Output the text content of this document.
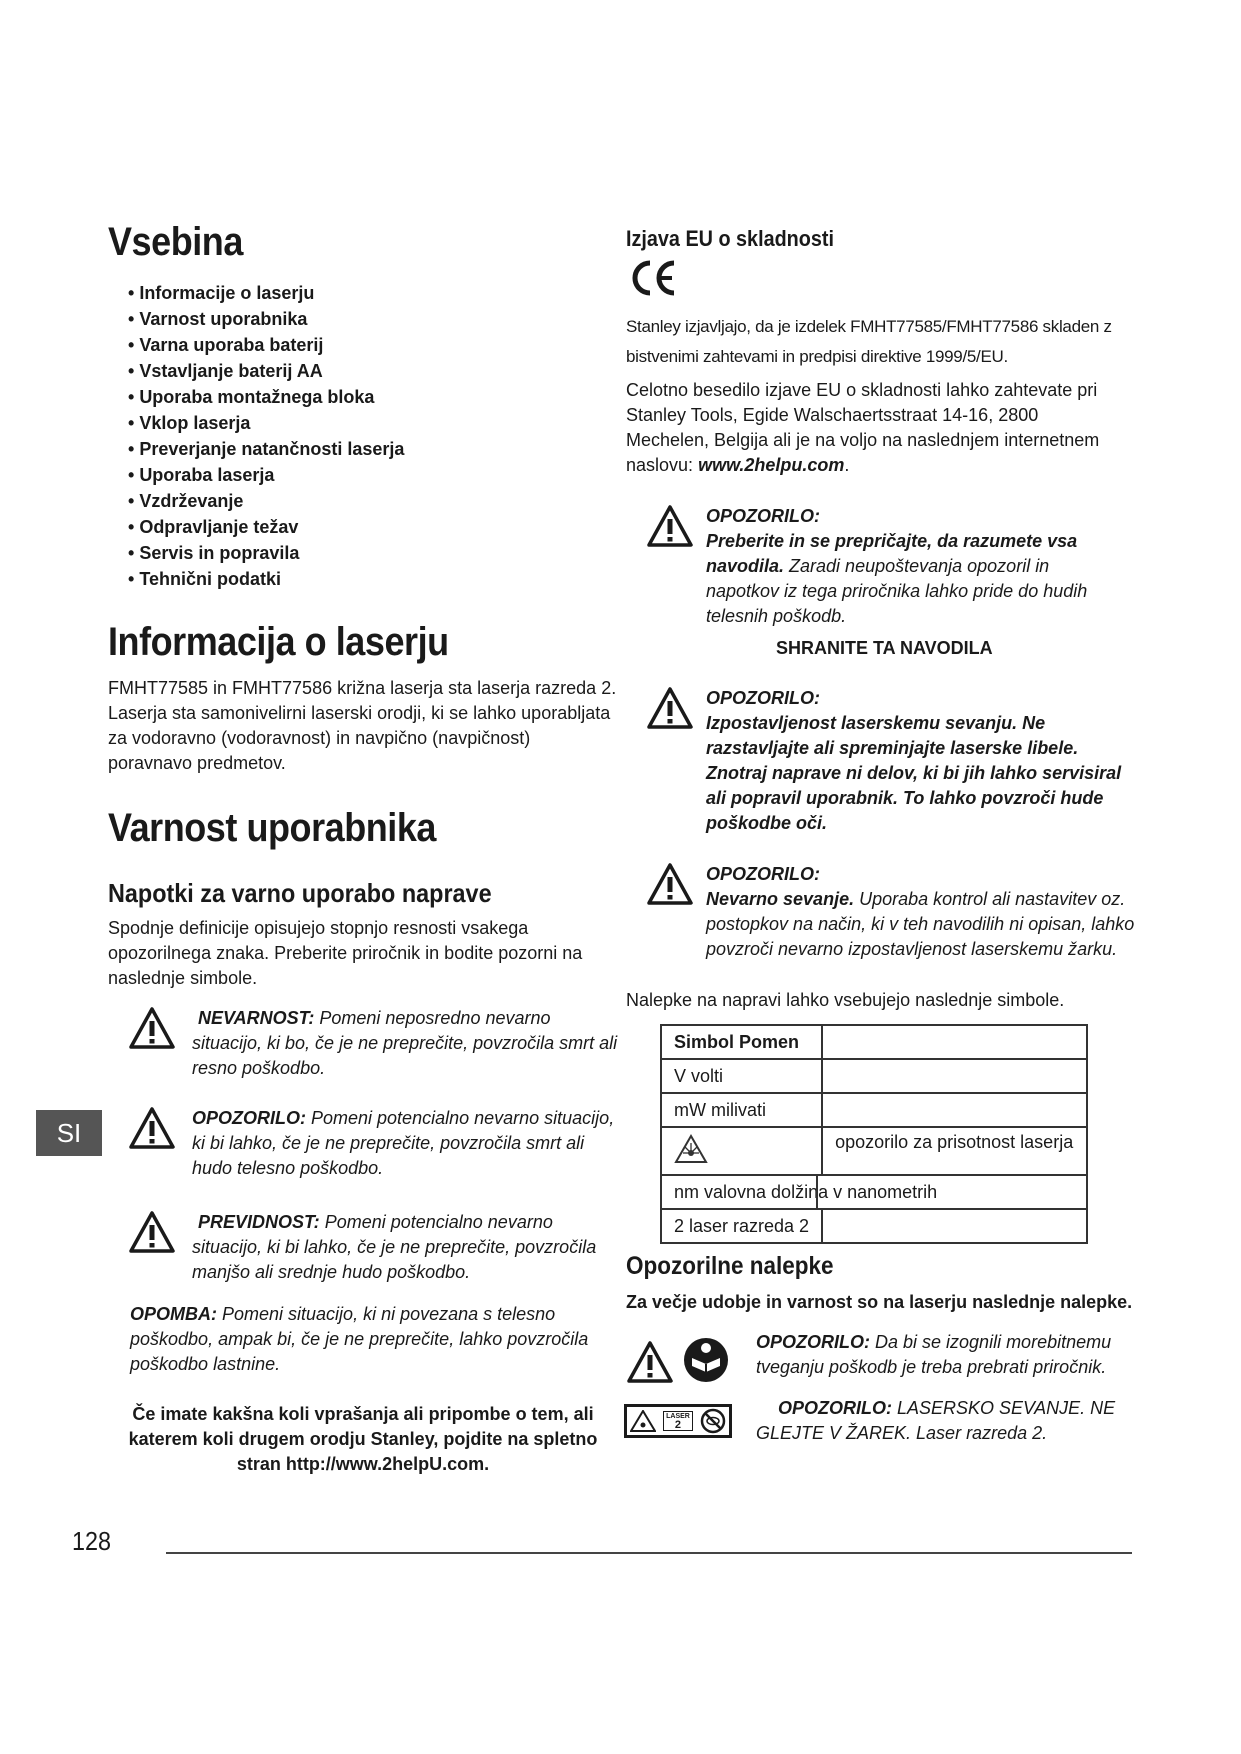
Vsebina
• Informacije o laserju
• Varnost uporabnika
• Varna uporaba baterij
• Vstavljanje baterij AA
• Uporaba montažnega bloka
• Vklop laserja
• Preverjanje natančnosti laserja
• Uporaba laserja
• Vzdrževanje
• Odpravljanje težav
• Servis in popravila
• Tehnični podatki
Informacija o laserju
FMHT77585 in FMHT77586 križna laserja sta laserja razreda 2. Laserja sta samonivelirni laserski orodji, ki se lahko uporabljata za vodoravno (vodoravnost) in navpično (navpičnost) poravnavo predmetov.
Varnost uporabnika
Napotki za varno uporabo naprave
Spodnje definicije opisujejo stopnjo resnosti vsakega opozorilnega znaka. Preberite priročnik in bodite pozorni na naslednje simbole.
NEVARNOST: Pomeni neposredno nevarno situacijo, ki bo, če je ne preprečite, povzročila smrt ali resno poškodbo.
OPOZORILO: Pomeni potencialno nevarno situacijo, ki bi lahko, če je ne preprečite, povzročila smrt ali hudo telesno poškodbo.
PREVIDNOST: Pomeni potencialno nevarno situacijo, ki bi lahko, če je ne preprečite, povzročila manjšo ali srednje hudo poškodbo.
OPOMBA: Pomeni situacijo, ki ni povezana s telesno poškodbo, ampak bi, če je ne preprečite, lahko povzročila poškodbo lastnine.
Če imate kakšna koli vprašanja ali pripombe o tem, ali katerem koli drugem orodju Stanley, pojdite na spletno stran http://www.2helpU.com.
SI
Izjava EU o skladnosti
Stanley izjavljajo, da je izdelek FMHT77585/FMHT77586 skladen z bistvenimi zahtevami in predpisi direktive 1999/5/EU.
Celotno besedilo izjave EU o skladnosti lahko zahtevate pri Stanley Tools, Egide Walschaertsstraat 14-16, 2800 Mechelen, Belgija ali je na voljo na naslednjem internetnem naslovu: www.2helpu.com.
OPOZORILO:
Preberite in se prepričajte, da razumete vsa navodila. Zaradi neupoštevanja opozoril in napotkov iz tega priročnika lahko pride do hudih telesnih poškodb.
SHRANITE TA NAVODILA
OPOZORILO:
Izpostavljenost laserskemu sevanju. Ne razstavljajte ali spreminjajte laserske libele. Znotraj naprave ni delov, ki bi jih lahko servisiral ali popravil uporabnik. To lahko povzroči hude poškodbe oči.
OPOZORILO:
Nevarno sevanje. Uporaba kontrol ali nastavitev oz. postopkov na način, ki v teh navodilih ni opisan, lahko povzroči nevarno izpostavljenost laserskemu žarku.
Nalepke na napravi lahko vsebujejo naslednje simbole.
Simbol Pomen	
V volti	
mW milivati	
	opozorilo za prisotnost laserja
nm valovna dolžina v nanometrih	

2 laser razreda 2	
Opozorilne nalepke
Za večje udobje in varnost so na laserju naslednje nalepke.

OPOZORILO: Da bi se izognili morebitnemu tveganju poškodb je treba prebrati priročnik.
LASER
2
OPOZORILO: LASERSKO SEVANJE. NE GLEJTE V ŽAREK. Laser razreda 2.
128
